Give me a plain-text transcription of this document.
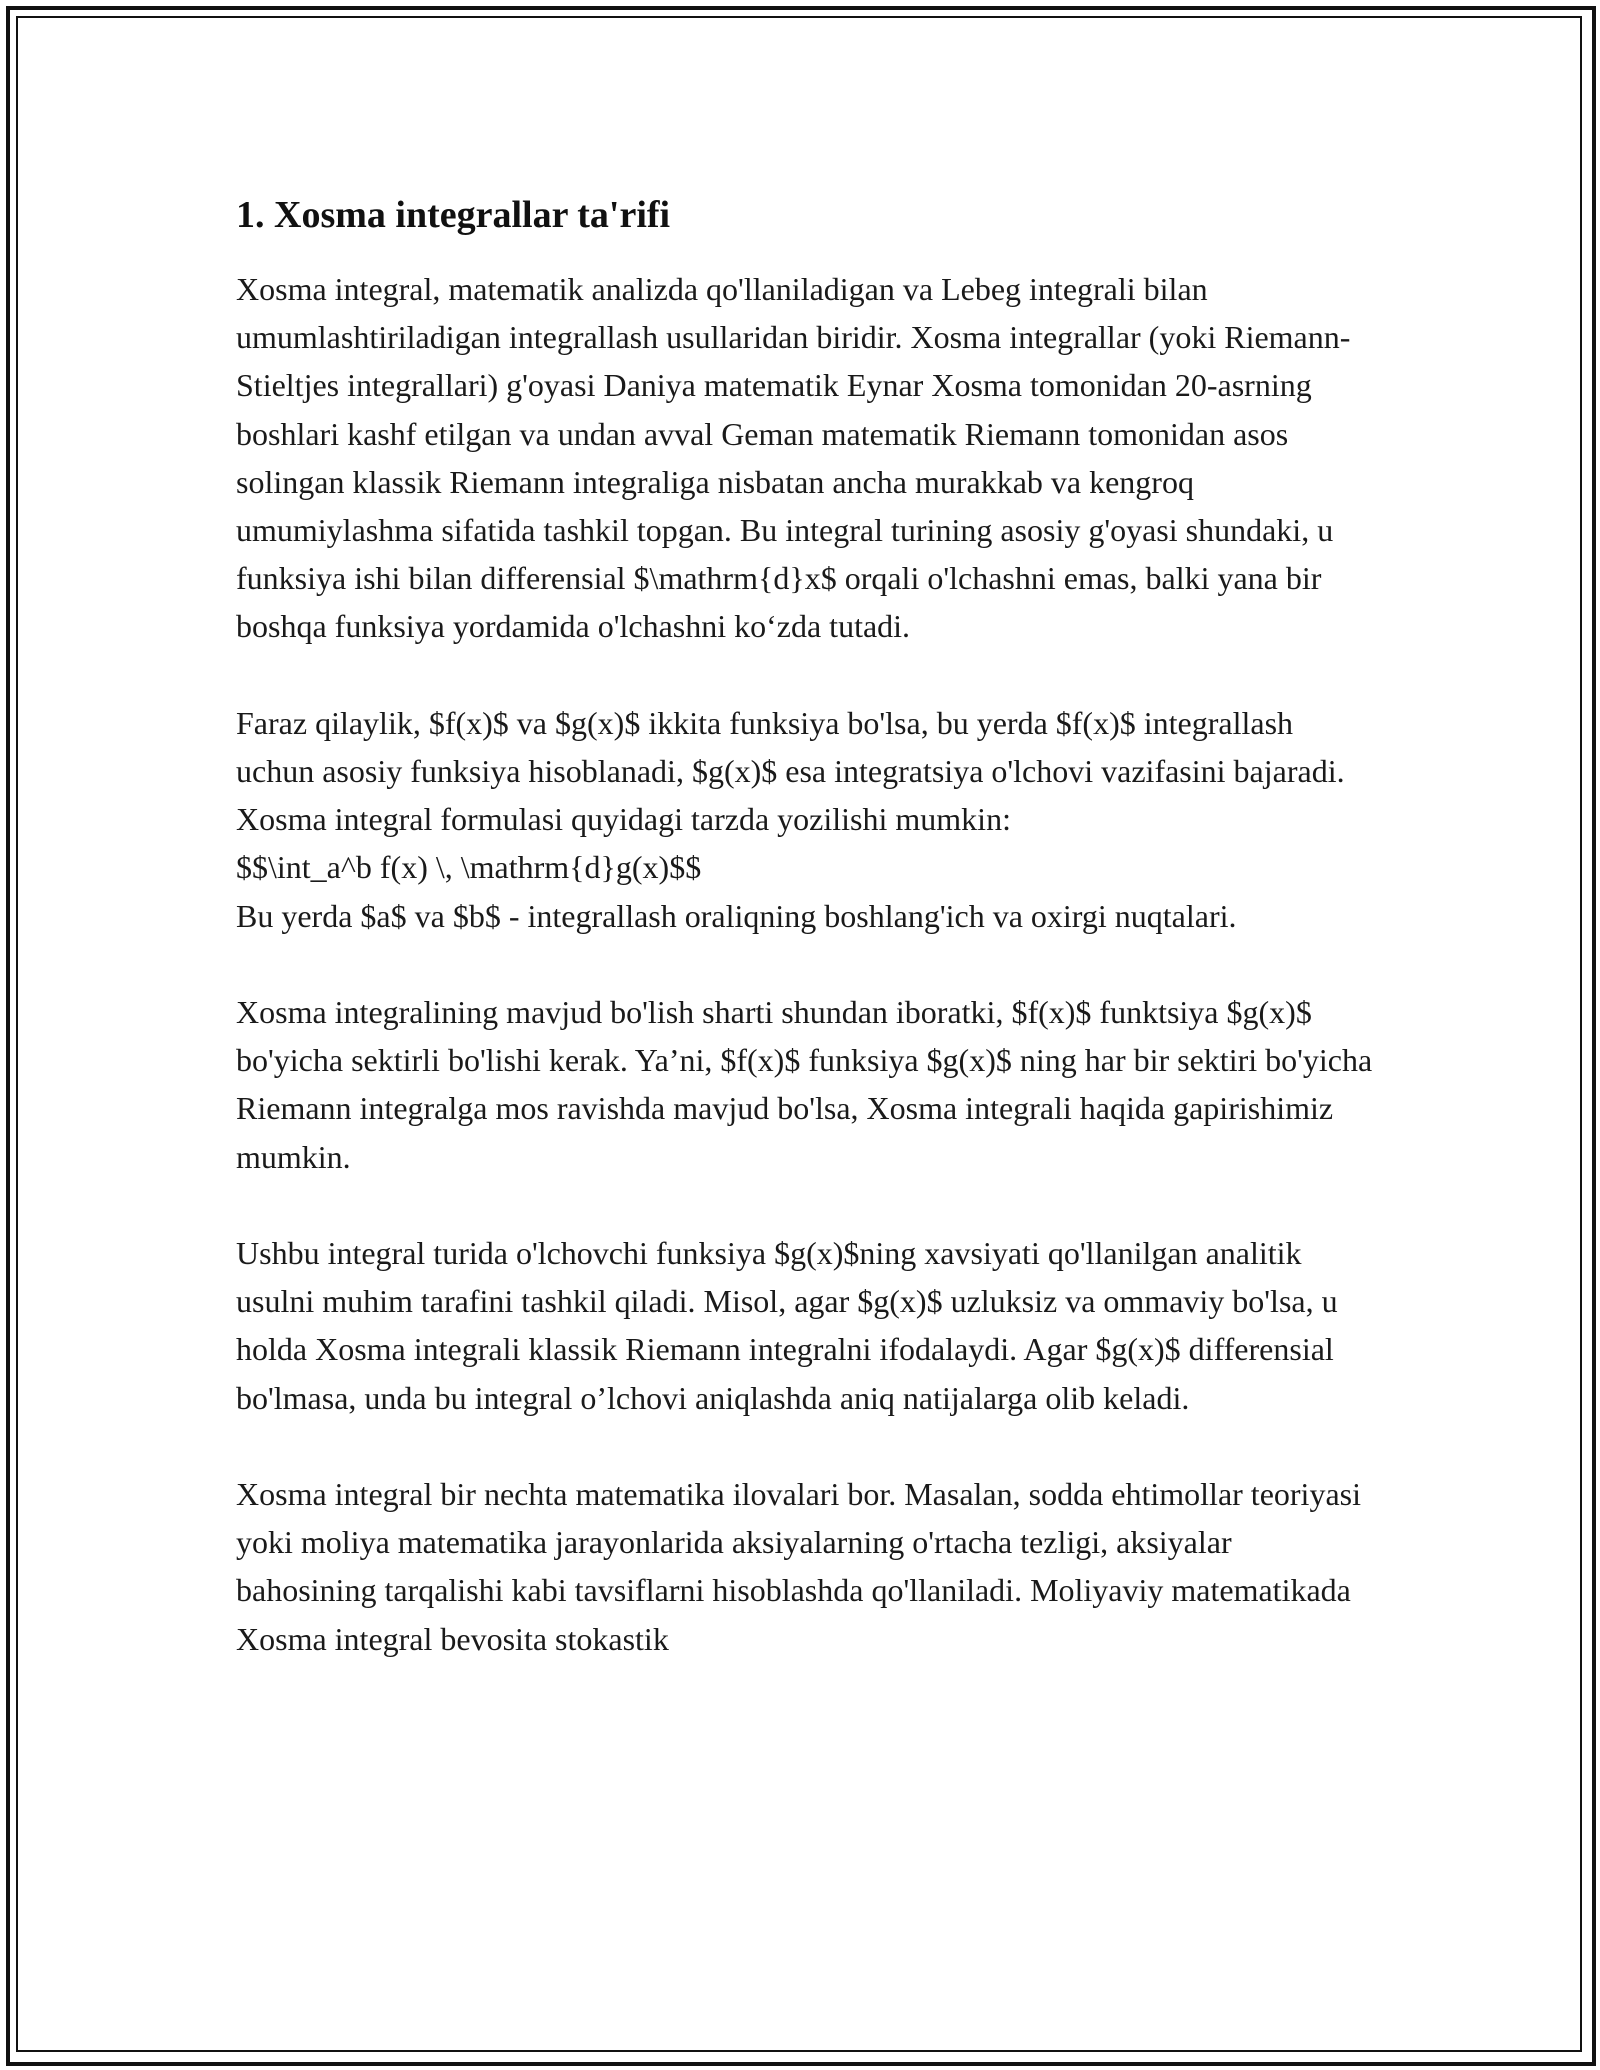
1. Xosma integrallar ta'rifi

Xosma integral, matematik analizda qo'llaniladigan va Lebeg integrali bilan umumlashtiriladigan integrallash usullaridan biridir. Xosma integrallar (yoki Riemann-Stieltjes integrallari) g'oyasi Daniya matematik Eynar Xosma tomonidan 20-asrning boshlari kashf etilgan va undan avval Geman matematik Riemann tomonidan asos solingan klassik Riemann integraliga nisbatan ancha murakkab va kengroq umumiylashma sifatida tashkil topgan. Bu integral turining asosiy g'oyasi shundaki, u funksiya ishi bilan differensial $\mathrm{d}x$ orqali o'lchashni emas, balki yana bir boshqa funksiya yordamida o'lchashni ko‘zda tutadi.

Faraz qilaylik, $f(x)$ va $g(x)$ ikkita funksiya bo'lsa, bu yerda $f(x)$ integrallash uchun asosiy funksiya hisoblanadi, $g(x)$ esa integratsiya o'lchovi vazifasini bajaradi. Xosma integral formulasi quyidagi tarzda yozilishi mumkin:
$$\int_a^b f(x) \, \mathrm{d}g(x)$$
Bu yerda $a$ va $b$ - integrallash oraliqning boshlang'ich va oxirgi nuqtalari.

Xosma integralining mavjud bo'lish sharti shundan iboratki, $f(x)$ funktsiya $g(x)$ bo'yicha sektirli bo'lishi kerak. Ya’ni, $f(x)$ funksiya $g(x)$ ning har bir sektiri bo'yicha Riemann integralga mos ravishda mavjud bo'lsa, Xosma integrali haqida gapirishimiz mumkin.

Ushbu integral turida o'lchovchi funksiya $g(x)$ning xavsiyati qo'llanilgan analitik usulni muhim tarafini tashkil qiladi. Misol, agar $g(x)$ uzluksiz va ommaviy bo'lsa, u holda Xosma integrali klassik Riemann integralni ifodalaydi. Agar $g(x)$ differensial bo'lmasa, unda bu integral o’lchovi aniqlashda aniq natijalarga olib keladi.

Xosma integral bir nechta matematika ilovalari bor. Masalan, sodda ehtimollar teoriyasi yoki moliya matematika jarayonlarida aksiyalarning o'rtacha tezligi, aksiyalar bahosining tarqalishi kabi tavsiflarni hisoblashda qo'llaniladi. Moliyaviy matematikada Xosma integral bevosita stokastik
